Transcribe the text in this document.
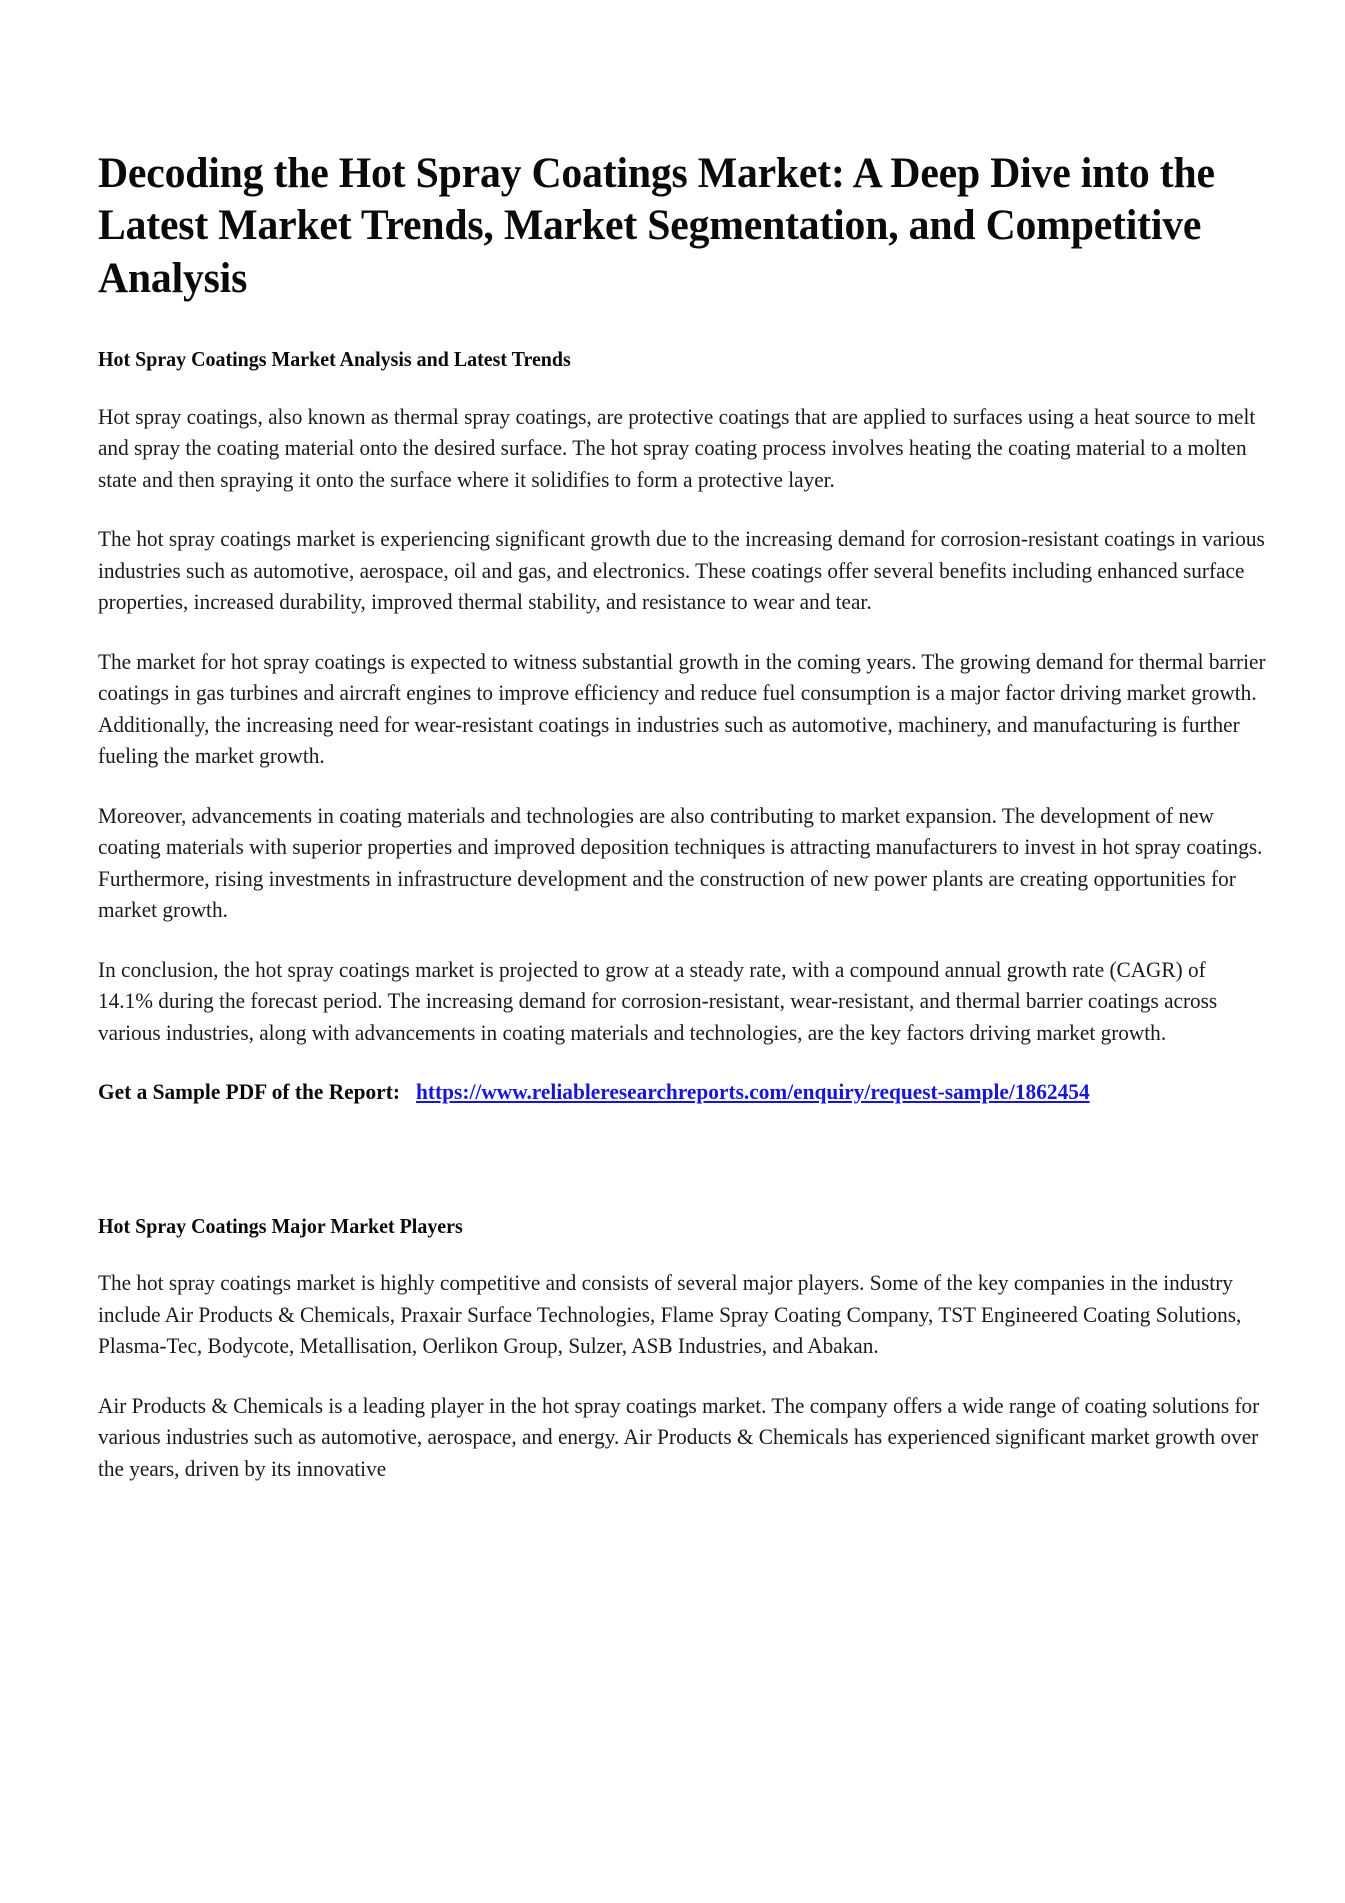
Decoding the Hot Spray Coatings Market: A Deep Dive into the Latest Market Trends, Market Segmentation, and Competitive Analysis
Hot Spray Coatings Market Analysis and Latest Trends

Hot spray coatings, also known as thermal spray coatings, are protective coatings that are applied to surfaces using a heat source to melt and spray the coating material onto the desired surface. The hot spray coating process involves heating the coating material to a molten state and then spraying it onto the surface where it solidifies to form a protective layer.

The hot spray coatings market is experiencing significant growth due to the increasing demand for corrosion-resistant coatings in various industries such as automotive, aerospace, oil and gas, and electronics. These coatings offer several benefits including enhanced surface properties, increased durability, improved thermal stability, and resistance to wear and tear.

The market for hot spray coatings is expected to witness substantial growth in the coming years. The growing demand for thermal barrier coatings in gas turbines and aircraft engines to improve efficiency and reduce fuel consumption is a major factor driving market growth. Additionally, the increasing need for wear-resistant coatings in industries such as automotive, machinery, and manufacturing is further fueling the market growth.

Moreover, advancements in coating materials and technologies are also contributing to market expansion. The development of new coating materials with superior properties and improved deposition techniques is attracting manufacturers to invest in hot spray coatings. Furthermore, rising investments in infrastructure development and the construction of new power plants are creating opportunities for market growth.

In conclusion, the hot spray coatings market is projected to grow at a steady rate, with a compound annual growth rate (CAGR) of 14.1% during the forecast period. The increasing demand for corrosion-resistant, wear-resistant, and thermal barrier coatings across various industries, along with advancements in coating materials and technologies, are the key factors driving market growth.

Get a Sample PDF of the Report: https://www.reliableresearchreports.com/enquiry/request-sample/1862454

Hot Spray Coatings Major Market Players

The hot spray coatings market is highly competitive and consists of several major players. Some of the key companies in the industry include Air Products & Chemicals, Praxair Surface Technologies, Flame Spray Coating Company, TST Engineered Coating Solutions, Plasma-Tec, Bodycote, Metallisation, Oerlikon Group, Sulzer, ASB Industries, and Abakan.

Air Products & Chemicals is a leading player in the hot spray coatings market. The company offers a wide range of coating solutions for various industries such as automotive, aerospace, and energy. Air Products & Chemicals has experienced significant market growth over the years, driven by its innovative
